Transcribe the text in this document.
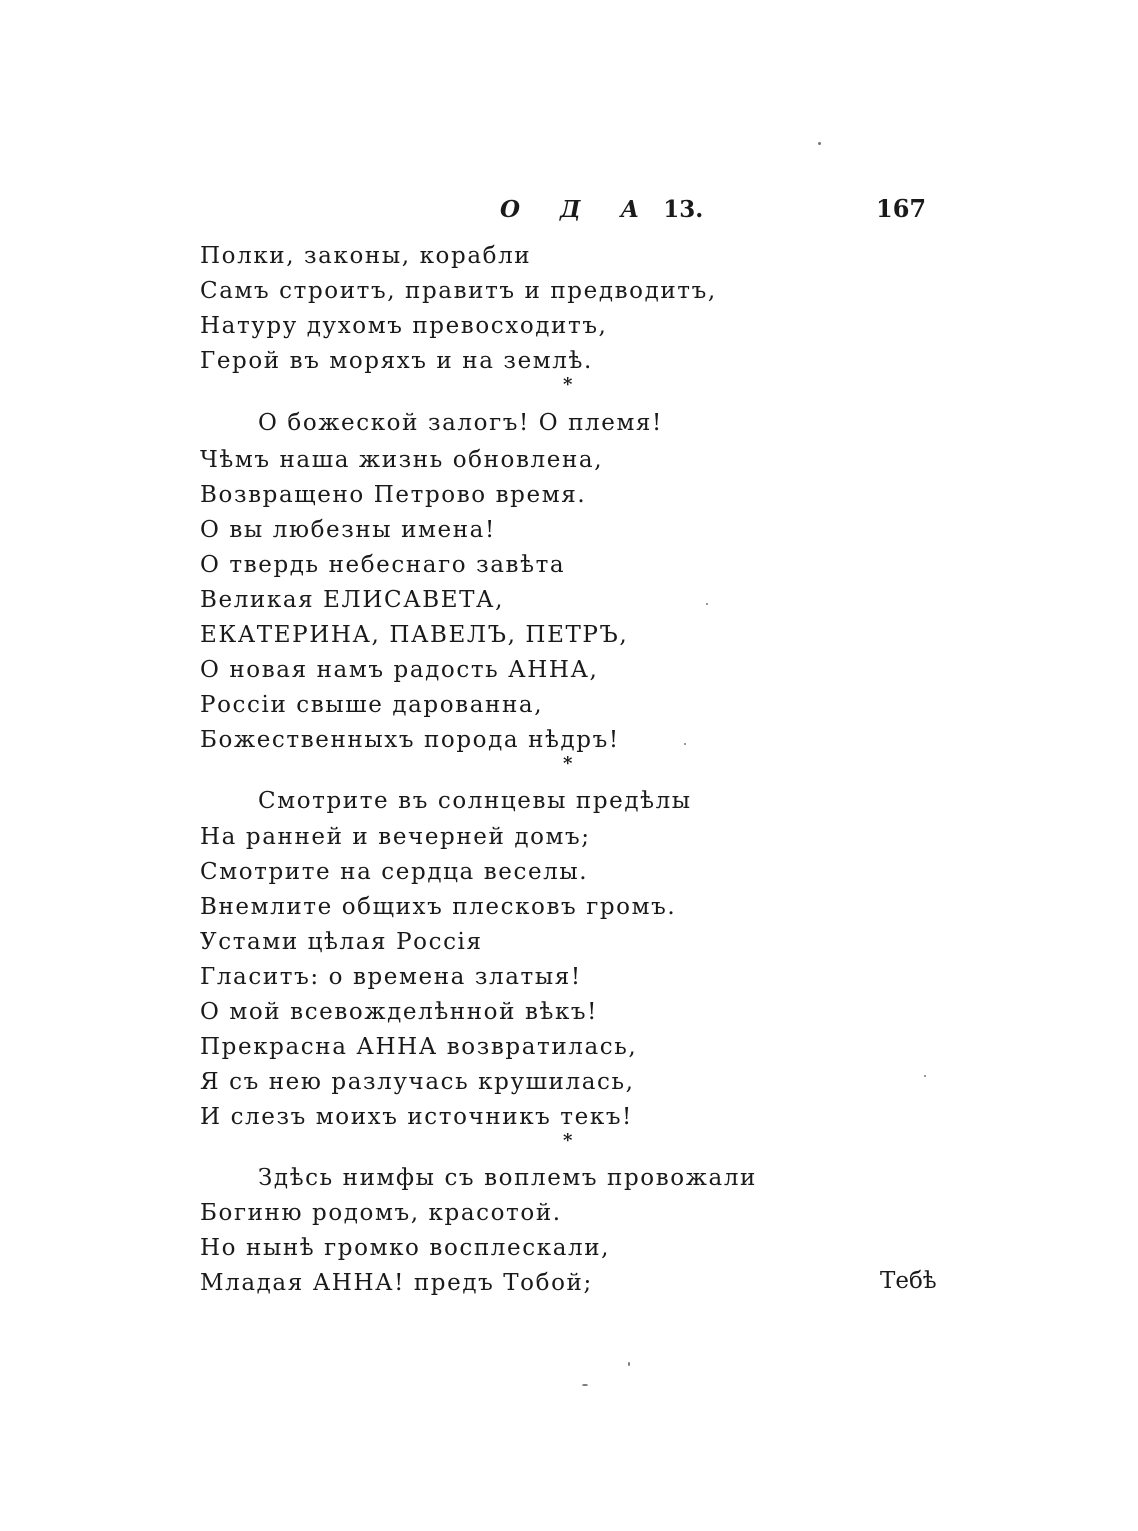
О Д А 13.	167
Полки, законы, корабли
Самъ строитъ, правитъ и предводитъ,
Натуру духомъ превосходитъ,
Герой въ моряхъ и на землѣ.
*
О божеской залогъ! О племя!
Чѣмъ наша жизнь обновлена,
Возвращено Петрово время.
О вы любезны имена!
О твердь небеснаго завѣта
Великая ЕЛИСАВЕТА,
ЕКАТЕРИНА, ПАВЕЛЪ, ПЕТРЪ,
О новая намъ радость АННА,
Россіи свыше дарованна,
Божественныхъ порода нѣдръ!
*
Смотрите въ солнцевы предѣлы
На ранней и вечерней домъ;
Смотрите на сердца веселы.
Внемлите общихъ плесковъ громъ.
Устами цѣлая Россія
Гласитъ: о времена златыя!
О мой всевожделѣнной вѣкъ!
Прекрасна АННА возвратилась,
Я съ нею разлучась крушилась,
И слезъ моихъ источникъ текъ!
*
Здѣсь нимфы съ воплемъ провожали
Богиню родомъ, красотой.
Но нынѣ громко восплескали,
Младая АННА! предъ Тобой;	Тебѣ
